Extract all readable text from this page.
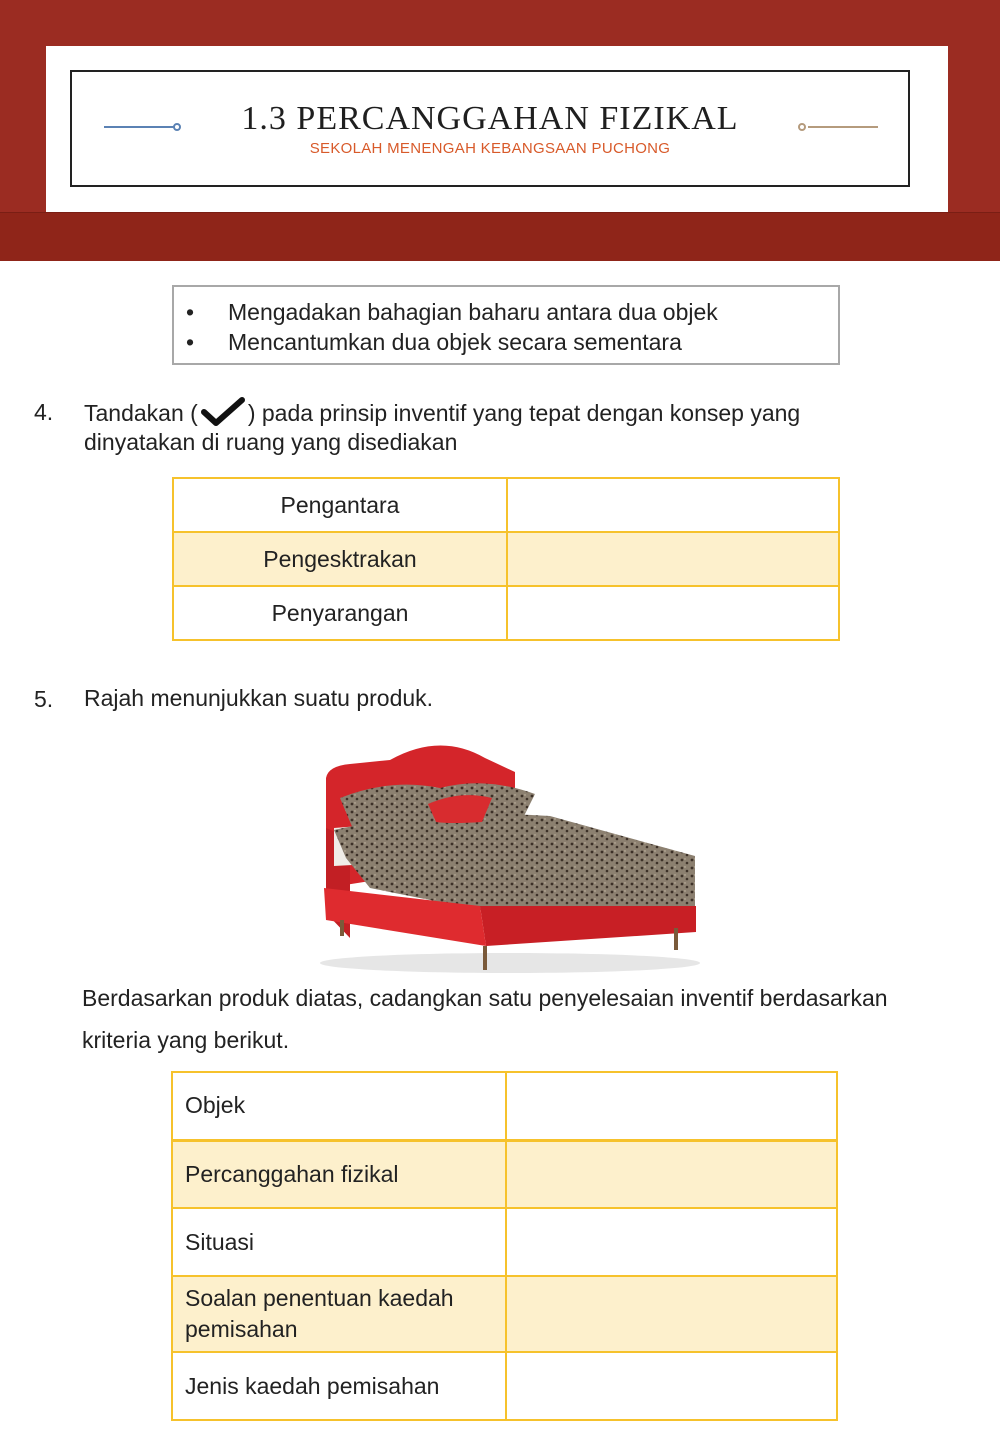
1.3 PERCANGGAHAN FIZIKAL
SEKOLAH MENENGAH KEBANGSAAN PUCHONG
• Mengadakan bahagian baharu antara dua objek
• Mencantumkan dua objek secara sementara
4. Tandakan ( ) pada prinsip inventif yang tepat dengan konsep yang
dinyatakan di ruang yang disediakan
Pengantara	
Pengesktrakan	
Penyarangan	
5. Rajah menunjukkan suatu produk.
Berdasarkan produk diatas, cadangkan satu penyelesaian inventif berdasarkan
kriteria yang berikut.
Objek	
Percanggahan fizikal	
Situasi	
Soalan penentuan kaedah pemisahan	
Jenis kaedah pemisahan	
